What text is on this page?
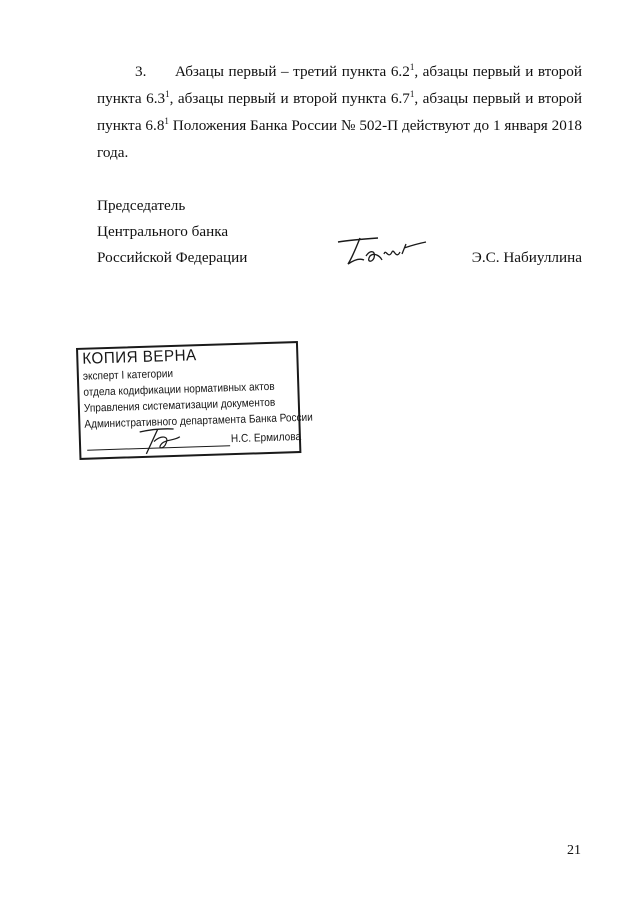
3. Абзацы первый – третий пункта $6.2^1$, абзацы первый и второй пункта $6.3^1$, абзацы первый и второй пункта $6.7^1$, абзацы первый и второй пункта $6.8^1$ Положения Банка России № 502-П действуют до 1 января 2018 года.

Председатель
Центрального банка
Российской Федерации	Э.С. Набиуллина
КОПИЯ ВЕРНА
эксперт I категории
отдела кодификации нормативных актов
Управления систематизации документов
Административного департамента Банка России
Н.С. Ермилова
21
